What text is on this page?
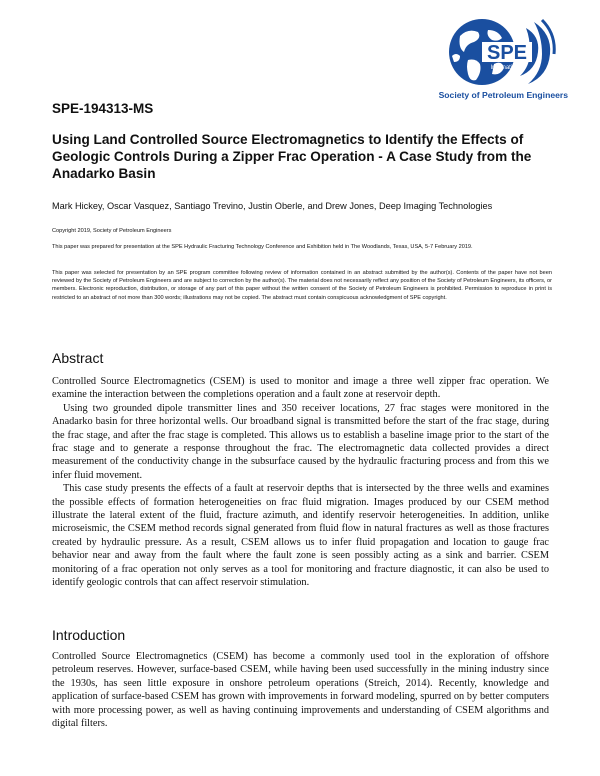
SPE
International
Society of Petroleum Engineers
SPE-194313-MS
Using Land Controlled Source Electromagnetics to Identify the Effects of Geologic Controls During a Zipper Frac Operation - A Case Study from the Anadarko Basin
Mark Hickey, Oscar Vasquez, Santiago Trevino, Justin Oberle, and Drew Jones, Deep Imaging Technologies

Copyright 2019, Society of Petroleum Engineers

This paper was prepared for presentation at the SPE Hydraulic Fracturing Technology Conference and Exhibition held in The Woodlands, Texas, USA, 5-7 February 2019.

This paper was selected for presentation by an SPE program committee following review of information contained in an abstract submitted by the author(s). Contents of the paper have not been reviewed by the Society of Petroleum Engineers and are subject to correction by the author(s). The material does not necessarily reflect any position of the Society of Petroleum Engineers, its officers, or members. Electronic reproduction, distribution, or storage of any part of this paper without the written consent of the Society of Petroleum Engineers is prohibited. Permission to reproduce in print is restricted to an abstract of not more than 300 words; illustrations may not be copied. The abstract must contain conspicuous acknowledgment of SPE copyright.

Abstract

Controlled Source Electromagnetics (CSEM) is used to monitor and image a three well zipper frac operation. We examine the interaction between the completions operation and a fault zone at reservoir depth.

Using two grounded dipole transmitter lines and 350 receiver locations, 27 frac stages were monitored in the Anadarko basin for three horizontal wells. Our broadband signal is transmitted before the start of the frac stage, during the frac stage, and after the frac stage is completed. This allows us to establish a baseline image prior to the start of the frac stage and to generate a response throughout the frac. The electromagnetic data collected provides a direct measurement of the conductivity change in the subsurface caused by the hydraulic fracturing process and from this we infer fluid movement.

This case study presents the effects of a fault at reservoir depths that is intersected by the three wells and examines the possible effects of formation heterogeneities on frac fluid migration. Images produced by our CSEM method illustrate the lateral extent of the fluid, fracture azimuth, and identify reservoir heterogeneities. In addition, unlike microseismic, the CSEM method records signal generated from fluid flow in natural fractures as well as those fractures created by hydraulic pressure. As a result, CSEM allows us to infer fluid propagation and location to gauge frac behavior near and away from the fault where the fault zone is seen possibly acting as a sink and barrier. CSEM monitoring of a frac operation not only serves as a tool for monitoring and fracture diagnostic, it can also be used to identify geologic controls that can affect reservoir stimulation.

Introduction

Controlled Source Electromagnetics (CSEM) has become a commonly used tool in the exploration of offshore petroleum reserves. However, surface-based CSEM, while having been used successfully in the mining industry since the 1930s, has seen little exposure in onshore petroleum operations (Streich, 2014). Recently, knowledge and application of surface-based CSEM has grown with improvements in forward modeling, spurred on by better computers with more processing power, as well as having continuing improvements and understanding of CSEM algorithms and digital filters.
